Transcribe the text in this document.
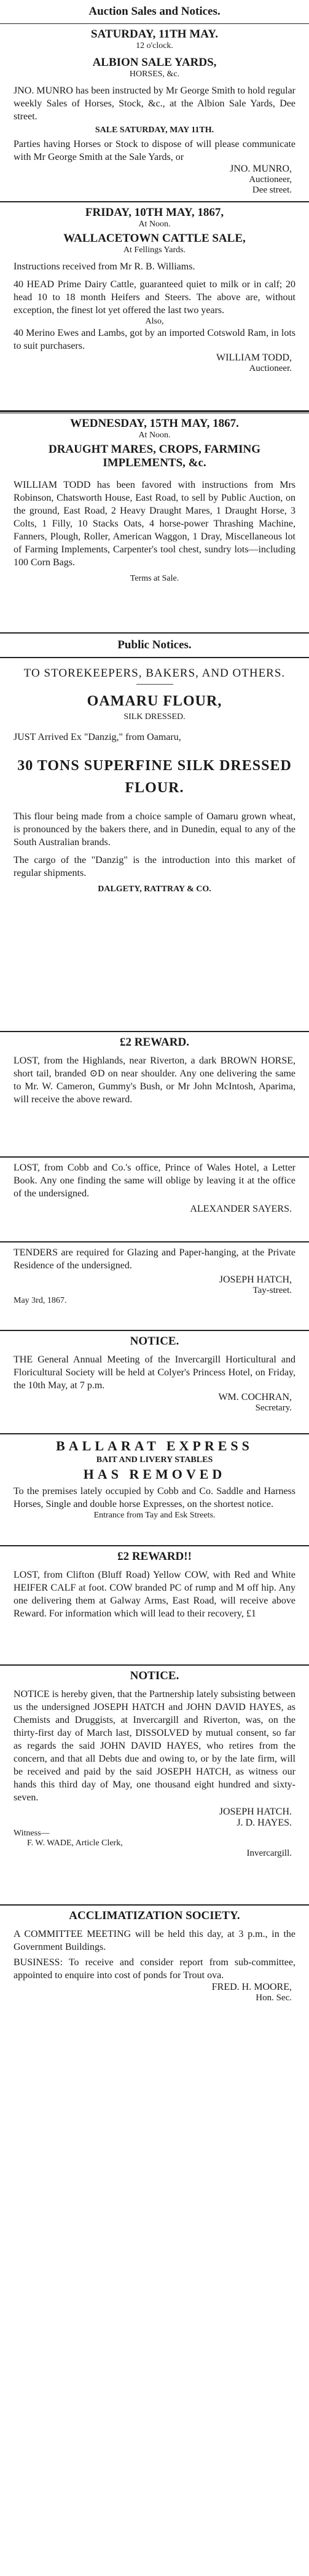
Auction Sales and Notices.
SATURDAY, 11TH MAY.
12 o'clock.
ALBION SALE YARDS,
HORSES, &c.

JNO. MUNRO has been instructed by Mr George Smith to hold regular weekly Sales of Horses, Stock, &c., at the Albion Sale Yards, Dee street.

SALE SATURDAY, MAY 11TH.

Parties having Horses or Stock to dispose of will please communicate with Mr George Smith at the Sale Yards, or

JNO. MUNRO,
Auctioneer,
Dee street.
FRIDAY, 10TH MAY, 1867,
At Noon.
WALLACETOWN CATTLE SALE,
At Fellings Yards.

Instructions received from Mr R. B. Williams.

40 HEAD Prime Dairy Cattle, guaranteed quiet to milk or in calf; 20 head 10 to 18 month Heifers and Steers. The above are, without exception, the finest lot yet offered the last two years.

Also,

40 Merino Ewes and Lambs, got by an imported Cotswold Ram, in lots to suit purchasers.

WILLIAM TODD,
Auctioneer.
WEDNESDAY, 15TH MAY, 1867.
At Noon.
DRAUGHT MARES, CROPS, FARMING IMPLEMENTS, &c.

WILLIAM TODD has been favored with instructions from Mrs Robinson, Chatsworth House, East Road, to sell by Public Auction, on the ground, East Road, 2 Heavy Draught Mares, 1 Draught Horse, 3 Colts, 1 Filly, 10 Stacks Oats, 4 horse-power Thrashing Machine, Fanners, Plough, Roller, American Waggon, 1 Dray, Miscellaneous lot of Farming Implements, Carpenter's tool chest, sundry lots—including 100 Corn Bags.

Terms at Sale.
Public Notices.
TO STOREKEEPERS, BAKERS, AND OTHERS.
OAMARU FLOUR,
SILK DRESSED.

JUST Arrived Ex "Danzig," from Oamaru,

30 TONS SUPERFINE SILK DRESSED FLOUR.

This flour being made from a choice sample of Oamaru grown wheat, is pronounced by the bakers there, and in Dunedin, equal to any of the South Australian brands.

The cargo of the "Danzig" is the introduction into this market of regular shipments.

DALGETY, RATTRAY & CO.
£2 REWARD.

LOST, from the Highlands, near Riverton, a dark BROWN HORSE, short tail, branded ⊙D on near shoulder. Any one delivering the same to Mr. W. Cameron, Gummy's Bush, or Mr John McIntosh, Aparima, will receive the above reward.

LOST, from Cobb and Co.'s office, Prince of Wales Hotel, a Letter Book. Any one finding the same will oblige by leaving it at the office of the undersigned.

ALEXANDER SAYERS.

TENDERS are required for Glazing and Paper-hanging, at the Private Residence of the undersigned.

JOSEPH HATCH,
Tay-street.
May 3rd, 1867.
NOTICE.

THE General Annual Meeting of the Invercargill Horticultural and Floricultural Society will be held at Colyer's Princess Hotel, on Friday, the 10th May, at 7 p.m.

WM. COCHRAN,
Secretary.
BALLARAT EXPRESS
BAIT AND LIVERY STABLES
HAS REMOVED

To the premises lately occupied by Cobb and Co. Saddle and Harness Horses, Single and double horse Expresses, on the shortest notice.

Entrance from Tay and Esk Streets.
£2 REWARD!!

LOST, from Clifton (Bluff Road) Yellow COW, with Red and White HEIFER CALF at foot. COW branded PC of rump and M off hip. Any one delivering them at Galway Arms, East Road, will receive above Reward. For information which will lead to their recovery, £1

NOTICE.

NOTICE is hereby given, that the Partnership lately subsisting between us the undersigned JOSEPH HATCH and JOHN DAVID HAYES, as Chemists and Druggists, at Invercargill and Riverton, was, on the thirty-first day of March last, DISSOLVED by mutual consent, so far as regards the said JOHN DAVID HAYES, who retires from the concern, and that all Debts due and owing to, or by the late firm, will be received and paid by the said JOSEPH HATCH, as witness our hands this third day of May, one thousand eight hundred and sixty-seven.

JOSEPH HATCH.
J. D. HAYES.
Witness—
F. W. WADE, Article Clerk,
Invercargill.
ACCLIMATIZATION SOCIETY.

A COMMITTEE MEETING will be held this day, at 3 p.m., in the Government Buildings.

BUSINESS: To receive and consider report from sub-committee, appointed to enquire into cost of ponds for Trout ova.

FRED. H. MOORE,
Hon. Sec.
